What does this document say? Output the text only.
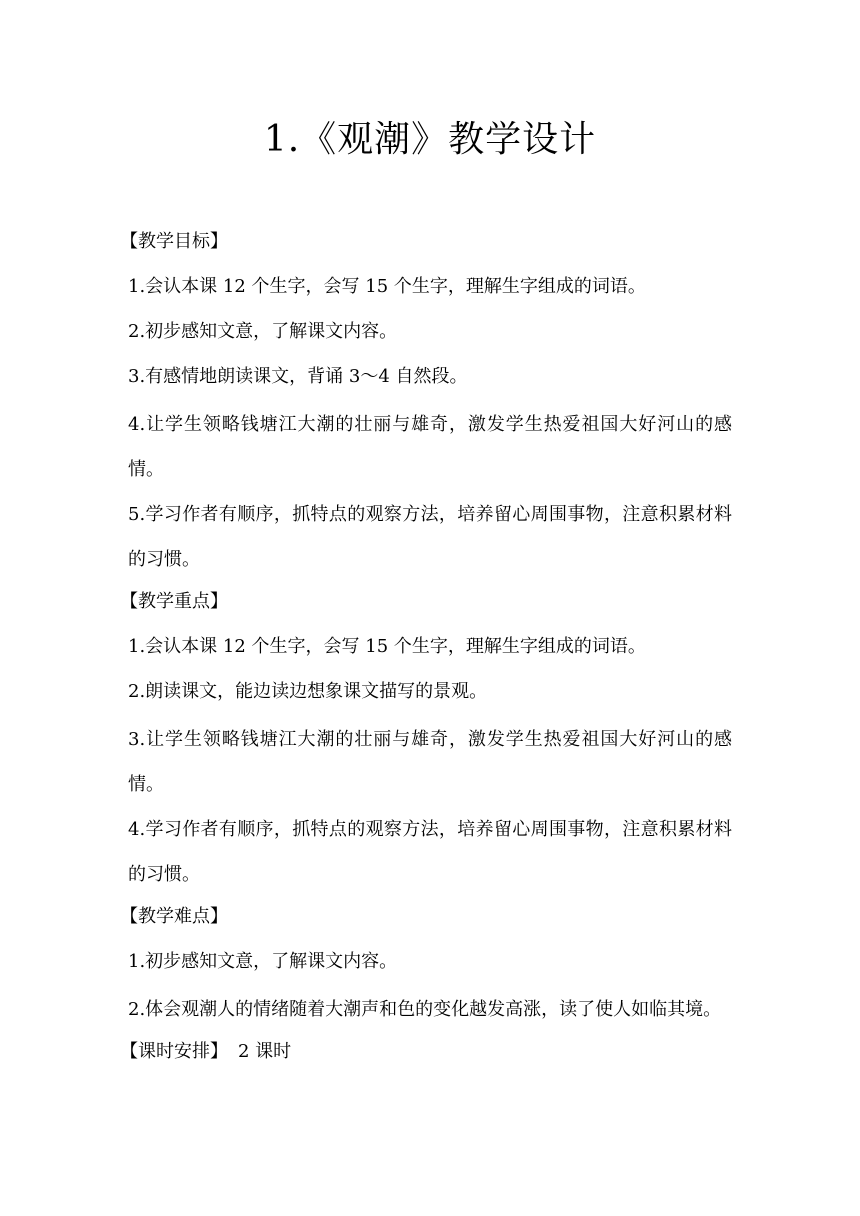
1.《观潮》教学设计
【教学目标】
1.会认本课 12 个生字，会写 15 个生字，理解生字组成的词语。
2.初步感知文意，了解课文内容。
3.有感情地朗读课文，背诵 3～4 自然段。
4.让学生领略钱塘江大潮的壮丽与雄奇，激发学生热爱祖国大好河山的感情。
5.学习作者有顺序，抓特点的观察方法，培养留心周围事物，注意积累材料的习惯。
【教学重点】
1.会认本课 12 个生字，会写 15 个生字，理解生字组成的词语。
2.朗读课文，能边读边想象课文描写的景观。
3.让学生领略钱塘江大潮的壮丽与雄奇，激发学生热爱祖国大好河山的感情。
4.学习作者有顺序，抓特点的观察方法，培养留心周围事物，注意积累材料的习惯。
【教学难点】
1.初步感知文意，了解课文内容。
2.体会观潮人的情绪随着大潮声和色的变化越发高涨，读了使人如临其境。
【课时安排】 2 课时
